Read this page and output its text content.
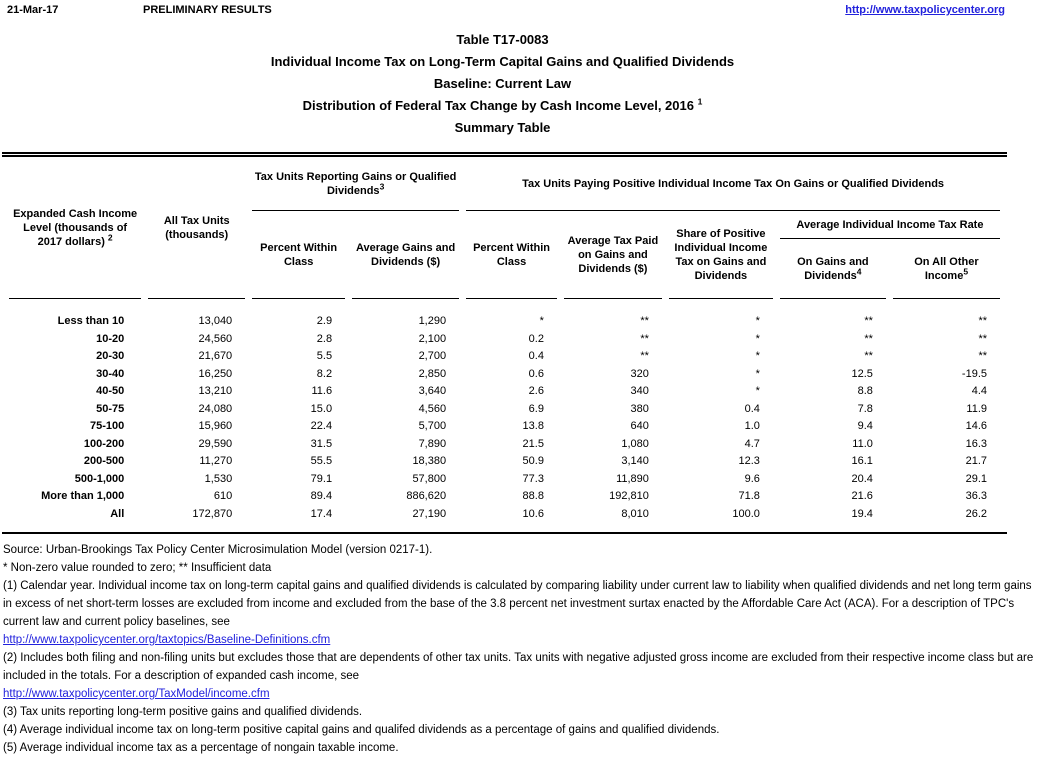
21-Mar-17	PRELIMINARY RESULTS	http://www.taxpolicycenter.org
Table T17-0083
Individual Income Tax on Long-Term Capital Gains and Qualified Dividends
Baseline: Current Law
Distribution of Federal Tax Change by Cash Income Level, 2016 $^1$
Summary Table
Expanded Cash Income Level (thousands of 2017 dollars) $^2$	All Tax Units (thousands)	Tax Units Reporting Gains or Qualified Dividends$^3$		Tax Units Paying Positive Individual Income Tax On Gains or Qualified Dividends				
		Percent Within Class	Average Gains and Dividends ($)	Percent Within Class	Average Tax Paid on Gains and Dividends ($)	Share of Positive Individual Income Tax on Gains and Dividends	Average Individual Income Tax Rate	
							On Gains and Dividends$^4$	On All Other Income$^5$
Less than 10	13,040	2.9	1,290	*	**	*	**	**
10-20	24,560	2.8	2,100	0.2	**	*	**	**
20-30	21,670	5.5	2,700	0.4	**	*	**	**
30-40	16,250	8.2	2,850	0.6	320	*	12.5	-19.5
40-50	13,210	11.6	3,640	2.6	340	*	8.8	4.4
50-75	24,080	15.0	4,560	6.9	380	0.4	7.8	11.9
75-100	15,960	22.4	5,700	13.8	640	1.0	9.4	14.6
100-200	29,590	31.5	7,890	21.5	1,080	4.7	11.0	16.3
200-500	11,270	55.5	18,380	50.9	3,140	12.3	16.1	21.7
500-1,000	1,530	79.1	57,800	77.3	11,890	9.6	20.4	29.1
More than 1,000	610	89.4	886,620	88.8	192,810	71.8	21.6	36.3
All	172,870	17.4	27,190	10.6	8,010	100.0	19.4	26.2

Source: Urban-Brookings Tax Policy Center Microsimulation Model (version 0217-1).

* Non-zero value rounded to zero; ** Insufficient data

(1) Calendar year. Individual income tax on long-term capital gains and qualified dividends is calculated by comparing liability under current law to liability when qualified dividends and net long term gains in excess of net short-term losses are excluded from income and excluded from the base of the 3.8 percent net investment surtax enacted by the Affordable Care Act (ACA). For a description of TPC's current law and current policy baselines, see

http://www.taxpolicycenter.org/taxtopics/Baseline-Definitions.cfm

(2) Includes both filing and non-filing units but excludes those that are dependents of other tax units. Tax units with negative adjusted gross income are excluded from their respective income class but are included in the totals. For a description of expanded cash income, see

http://www.taxpolicycenter.org/TaxModel/income.cfm

(3) Tax units reporting long-term positive gains and qualified dividends.

(4) Average individual income tax on long-term positive capital gains and qualifed dividends as a percentage of gains and qualified dividends.

(5) Average individual income tax as a percentage of nongain taxable income.
